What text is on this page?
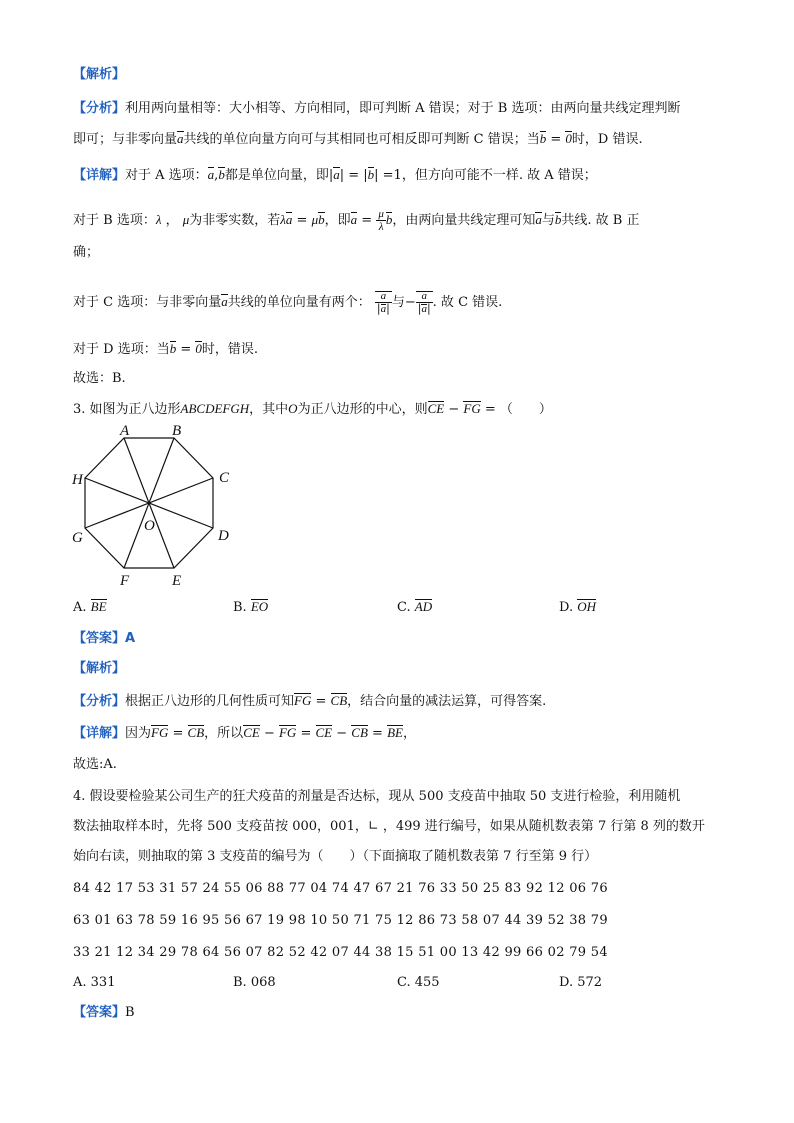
【解析】
【分析】利用两向量相等：大小相等、方向相同，即可判断 A 错误；对于 B 选项：由两向量共线定理判断
即可；与非零向量a共线的单位向量方向可与其相同也可相反即可判断 C 错误；当b = 0时，D 错误.
【详解】对于 A 选项：a,b都是单位向量，即|a| = |b| =1，但方向可能不一样. 故 A 错误；
对于 B 选项：λ ， μ为非零实数，若λa = μb，即$a = \frac{\mu}{\lambda}$ b，由两向量共线定理可知a与b共线. 故 B 正
确；
对于 C 选项：与非零向量a共线的单位向量有两个： $\frac{a}{|a|}$ 与− $\frac{a}{|a|}$ . 故 C 错误.
对于 D 选项：当b = 0时，错误.
故选：B.
3. 如图为正八边形ABCDEFGH，其中O为正八边形的中心，则CE − FG = （　　）
A	B
C
D
E
F
G
H
O
A. BE	B. EO	C. AD	D. OH
【答案】A
【解析】
【分析】根据正八边形的几何性质可知FG = CB，结合向量的减法运算，可得答案.
【详解】因为FG = CB，所以CE − FG = CE − CB = BE，
故选:A.
4. 假设要检验某公司生产的狂犬疫苗的剂量是否达标，现从 500 支疫苗中抽取 50 支进行检验，利用随机
数法抽取样本时，先将 500 支疫苗按 000，001，∟ ，499 进行编号，如果从随机数表第 7 行第 8 列的数开
始向右读，则抽取的第 3 支疫苗的编号为（　　）（下面摘取了随机数表第 7 行至第 9 行）
84 42 17 53 31 57 24 55 06 88 77 04 74 47 67 21 76 33 50 25 83 92 12 06 76
63 01 63 78 59 16 95 56 67 19 98 10 50 71 75 12 86 73 58 07 44 39 52 38 79
33 21 12 34 29 78 64 56 07 82 52 42 07 44 38 15 51 00 13 42 99 66 02 79 54
A. 331	B. 068	C. 455	D. 572
【答案】B
